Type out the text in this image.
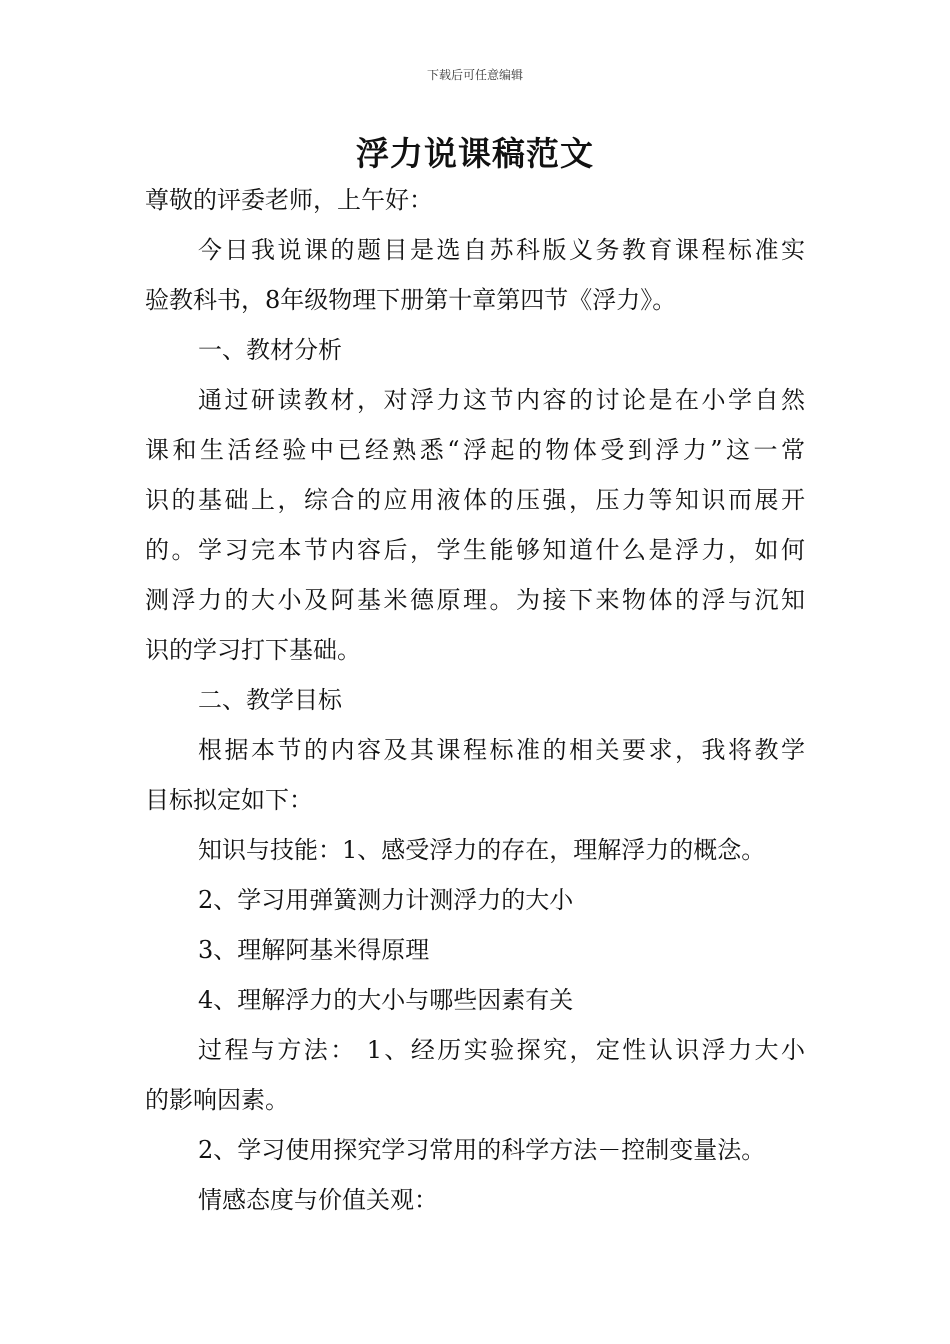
下载后可任意编辑
浮力说课稿范文
尊敬的评委老师，上午好：
今日我说课的题目是选自苏科版义务教育课程标准实
验教科书，8年级物理下册第十章第四节《浮力》。
一、教材分析
通过研读教材，对浮力这节内容的讨论是在小学自然
课和生活经验中已经熟悉“浮起的物体受到浮力”这一常
识的基础上，综合的应用液体的压强，压力等知识而展开
的。学习完本节内容后，学生能够知道什么是浮力，如何
测浮力的大小及阿基米德原理。为接下来物体的浮与沉知
识的学习打下基础。
二、教学目标
根据本节的内容及其课程标准的相关要求，我将教学
目标拟定如下：
知识与技能：1、感受浮力的存在，理解浮力的概念。
2、学习用弹簧测力计测浮力的大小
3、理解阿基米得原理
4、理解浮力的大小与哪些因素有关
过程与方法： 1、经历实验探究，定性认识浮力大小
的影响因素。
2、学习使用探究学习常用的科学方法－控制变量法。
情感态度与价值关观：
